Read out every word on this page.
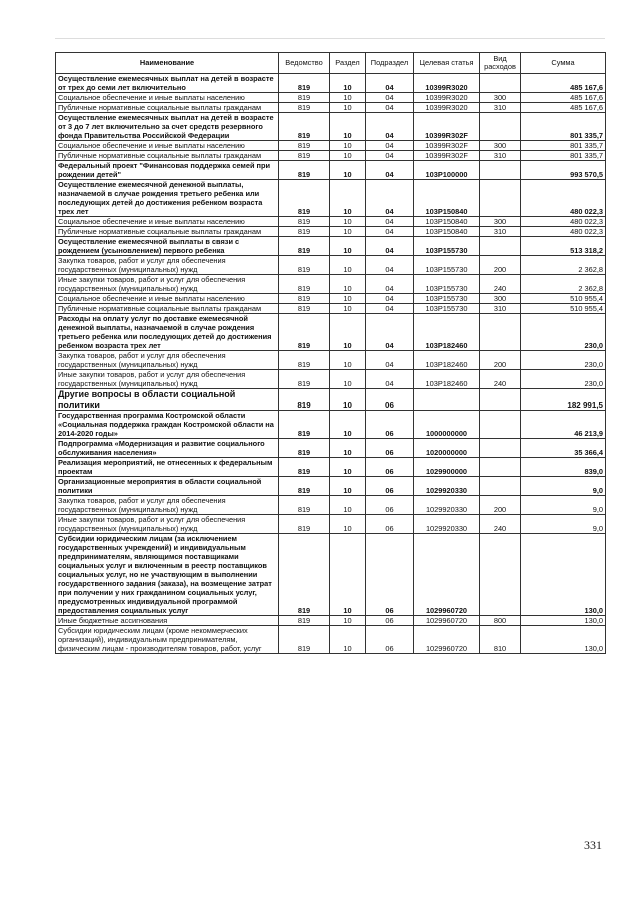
Наименование	Ведомство	Раздел	Подраздел	Целевая статья	Вид расходов	Сумма
Осуществление ежемесячных выплат на детей в возрасте от трех до семи лет включительно	819	10	04	10399R3020		485 167,6
Социальное обеспечение и иные выплаты населению	819	10	04	10399R3020	300	485 167,6
Публичные нормативные социальные выплаты гражданам	819	10	04	10399R3020	310	485 167,6
Осуществление ежемесячных выплат на детей в возрасте от 3 до 7 лет включительно за счет средств резервного фонда Правительства Российской Федерации	819	10	04	10399R302F		801 335,7
Социальное обеспечение и иные выплаты населению	819	10	04	10399R302F	300	801 335,7
Публичные нормативные социальные выплаты гражданам	819	10	04	10399R302F	310	801 335,7
Федеральный проект "Финансовая поддержка семей при рождении детей"	819	10	04	103P100000		993 570,5
Осуществление ежемесячной денежной выплаты, назначаемой в случае рождения третьего ребенка или последующих детей до достижения ребенком возраста трех лет	819	10	04	103P150840		480 022,3
Социальное обеспечение и иные выплаты населению	819	10	04	103P150840	300	480 022,3
Публичные нормативные социальные выплаты гражданам	819	10	04	103P150840	310	480 022,3
Осуществление ежемесячной выплаты в связи с рождением (усыновлением) первого ребенка	819	10	04	103P155730		513 318,2
Закупка товаров, работ и услуг для обеспечения государственных (муниципальных) нужд	819	10	04	103P155730	200	2 362,8
Иные закупки товаров, работ и услуг для обеспечения государственных (муниципальных) нужд	819	10	04	103P155730	240	2 362,8
Социальное обеспечение и иные выплаты населению	819	10	04	103P155730	300	510 955,4
Публичные нормативные социальные выплаты гражданам	819	10	04	103P155730	310	510 955,4
Расходы на оплату услуг по доставке ежемесячной денежной выплаты, назначаемой в случае рождения третьего ребенка или последующих детей до достижения ребенком возраста трех лет	819	10	04	103P182460		230,0
Закупка товаров, работ и услуг для обеспечения государственных (муниципальных) нужд	819	10	04	103P182460	200	230,0
Иные закупки товаров, работ и услуг для обеспечения государственных (муниципальных) нужд	819	10	04	103P182460	240	230,0
Другие вопросы в области социальной политики	819	10	06			182 991,5
Государственная программа Костромской области «Социальная поддержка граждан Костромской области на 2014-2020 годы»	819	10	06	1000000000		46 213,9
Подпрограмма «Модернизация и развитие социального обслуживания населения»	819	10	06	1020000000		35 366,4
Реализация мероприятий, не отнесенных к федеральным проектам	819	10	06	1029900000		839,0
Организационные мероприятия в области социальной политики	819	10	06	1029920330		9,0
Закупка товаров, работ и услуг для обеспечения государственных (муниципальных) нужд	819	10	06	1029920330	200	9,0
Иные закупки товаров, работ и услуг для обеспечения государственных (муниципальных) нужд	819	10	06	1029920330	240	9,0
Субсидии юридическим лицам (за исключением государственных учреждений) и индивидуальным предпринимателям, являющимся поставщиками социальных услуг и включенным в реестр поставщиков социальных услуг, но не участвующим в выполнении государственного задания (заказа), на возмещение затрат при получении у них гражданином социальных услуг, предусмотренных индивидуальной программой предоставления социальных услуг	819	10	06	1029960720		130,0
Иные бюджетные ассигнования	819	10	06	1029960720	800	130,0
Субсидии юридическим лицам (кроме некоммерческих организаций), индивидуальным предпринимателям, физическим лицам - производителям товаров, работ, услуг	819	10	06	1029960720	810	130,0
331
